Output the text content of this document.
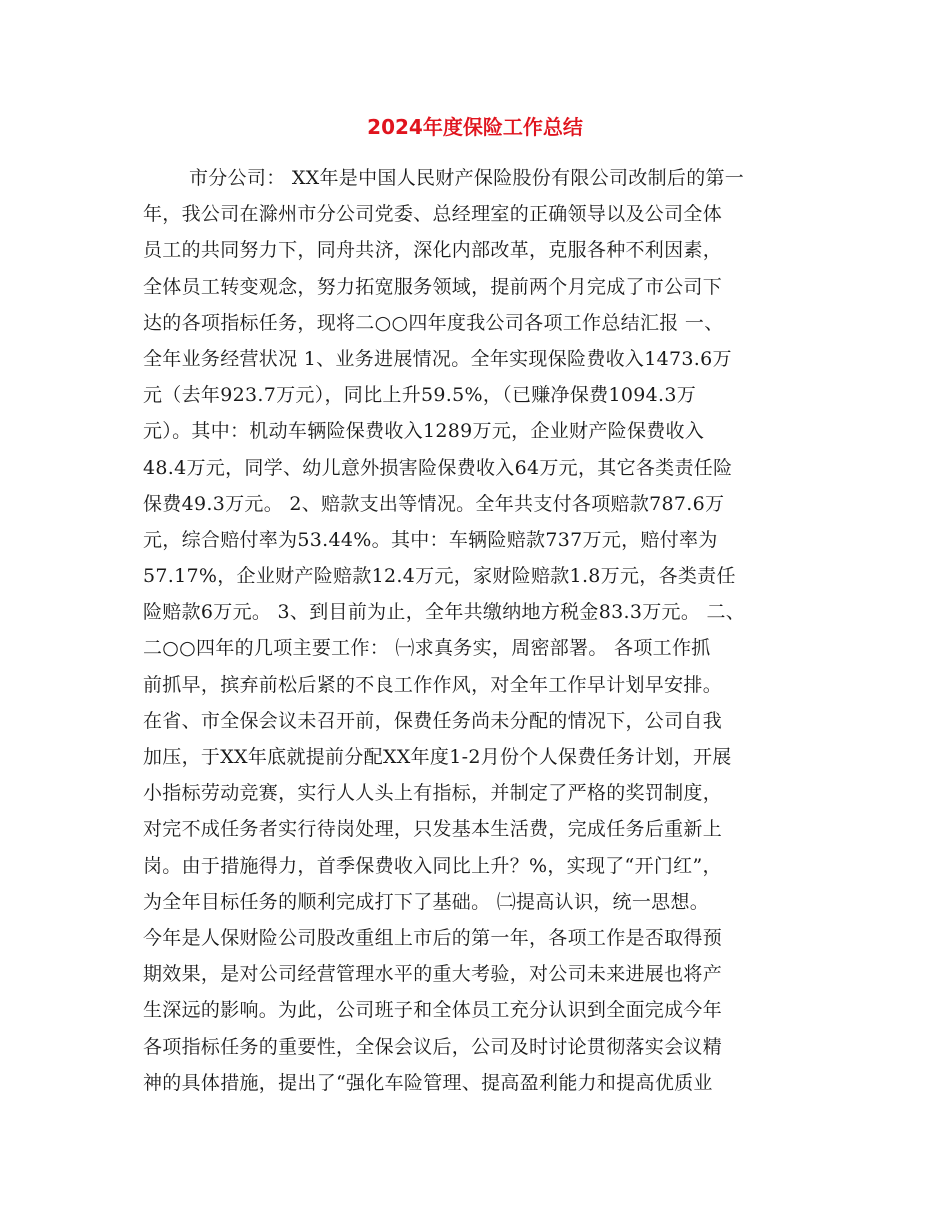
2024年度保险工作总结
市分公司： XX年是中国人民财产保险股份有限公司改制后的第一
年，我公司在滁州市分公司党委、总经理室的正确领导以及公司全体
员工的共同努力下，同舟共济，深化内部改革，克服各种不利因素，
全体员工转变观念，努力拓宽服务领域，提前两个月完成了市公司下
达的各项指标任务，现将二○○四年度我公司各项工作总结汇报 一、
全年业务经营状况 1、业务进展情况。全年实现保险费收入1473.6万
元（去年923.7万元），同比上升59.5%，（已赚净保费1094.3万
元）。其中：机动车辆险保费收入1289万元，企业财产险保费收入
48.4万元，同学、幼儿意外损害险保费收入64万元，其它各类责任险
保费49.3万元。 2、赔款支出等情况。全年共支付各项赔款787.6万
元，综合赔付率为53.44%。其中：车辆险赔款737万元，赔付率为
57.17%，企业财产险赔款12.4万元，家财险赔款1.8万元，各类责任
险赔款6万元。 3、到目前为止，全年共缴纳地方税金83.3万元。 二、
二○○四年的几项主要工作： ㈠求真务实，周密部署。 各项工作抓
前抓早，摈弃前松后紧的不良工作作风，对全年工作早计划早安排。
在省、市全保会议未召开前，保费任务尚未分配的情况下，公司自我
加压，于XX年底就提前分配XX年度1-2月份个人保费任务计划，开展
小指标劳动竞赛，实行人人头上有指标，并制定了严格的奖罚制度，
对完不成任务者实行待岗处理，只发基本生活费，完成任务后重新上
岗。由于措施得力，首季保费收入同比上升？%，实现了“开门红”，
为全年目标任务的顺利完成打下了基础。 ㈡提高认识，统一思想。
今年是人保财险公司股改重组上市后的第一年，各项工作是否取得预
期效果，是对公司经营管理水平的重大考验，对公司未来进展也将产
生深远的影响。为此，公司班子和全体员工充分认识到全面完成今年
各项指标任务的重要性，全保会议后，公司及时讨论贯彻落实会议精
神的具体措施，提出了“强化车险管理、提高盈利能力和提高优质业
